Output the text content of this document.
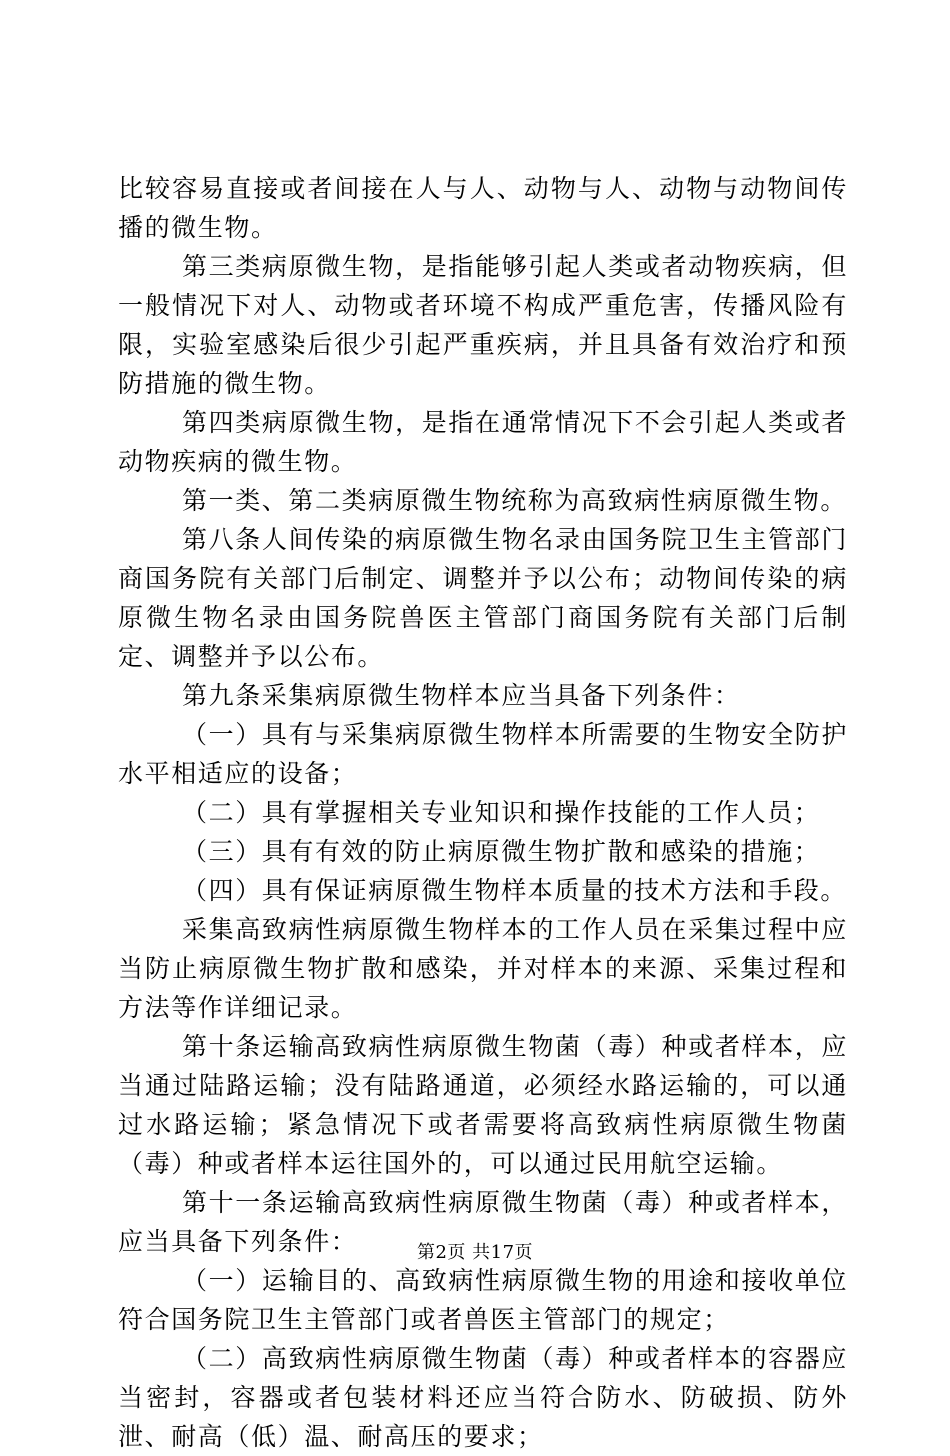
比较容易直接或者间接在人与人、动物与人、动物与动物间传播的微生物。

第三类病原微生物，是指能够引起人类或者动物疾病，但一般情况下对人、动物或者环境不构成严重危害，传播风险有限，实验室感染后很少引起严重疾病，并且具备有效治疗和预防措施的微生物。

第四类病原微生物，是指在通常情况下不会引起人类或者动物疾病的微生物。

第一类、第二类病原微生物统称为高致病性病原微生物。

第八条人间传染的病原微生物名录由国务院卫生主管部门商国务院有关部门后制定、调整并予以公布；动物间传染的病原微生物名录由国务院兽医主管部门商国务院有关部门后制定、调整并予以公布。

第九条采集病原微生物样本应当具备下列条件：

（一）具有与采集病原微生物样本所需要的生物安全防护水平相适应的设备；

（二）具有掌握相关专业知识和操作技能的工作人员；

（三）具有有效的防止病原微生物扩散和感染的措施；

（四）具有保证病原微生物样本质量的技术方法和手段。

采集高致病性病原微生物样本的工作人员在采集过程中应当防止病原微生物扩散和感染，并对样本的来源、采集过程和方法等作详细记录。

第十条运输高致病性病原微生物菌（毒）种或者样本，应当通过陆路运输；没有陆路通道，必须经水路运输的，可以通过水路运输；紧急情况下或者需要将高致病性病原微生物菌（毒）种或者样本运往国外的，可以通过民用航空运输。

第十一条运输高致病性病原微生物菌（毒）种或者样本，应当具备下列条件：

（一）运输目的、高致病性病原微生物的用途和接收单位符合国务院卫生主管部门或者兽医主管部门的规定；

（二）高致病性病原微生物菌（毒）种或者样本的容器应当密封，容器或者包装材料还应当符合防水、防破损、防外泄、耐高（低）温、耐高压的要求；

第2页 共17页
